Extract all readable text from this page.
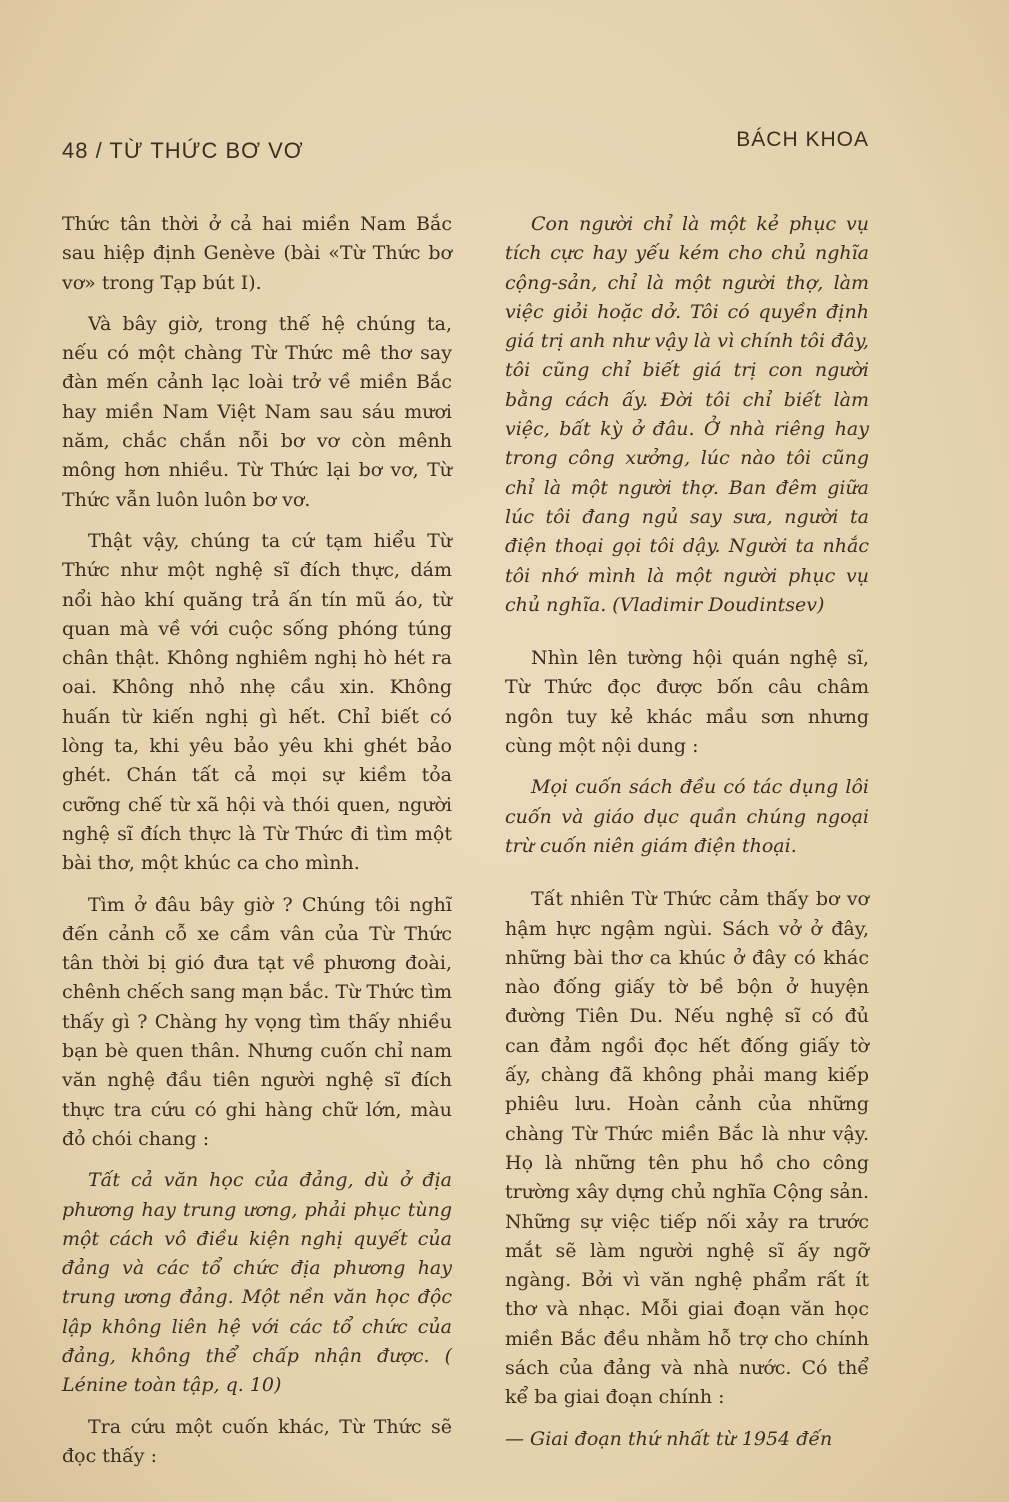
48 / TỪ THỨC BƠ VƠ	BÁCH KHOA

Thức tân thời ở cả hai miền Nam Bắc sau hiệp định Genève (bài «Từ Thức bơ vơ» trong Tạp bút I).

Và bây giờ, trong thế hệ chúng ta, nếu có một chàng Từ Thức mê thơ say đàn mến cảnh lạc loài trở về miền Bắc hay miền Nam Việt Nam sau sáu mươi năm, chắc chắn nỗi bơ vơ còn mênh mông hơn nhiều. Từ Thức lại bơ vơ, Từ Thức vẫn luôn luôn bơ vơ.

Thật vậy, chúng ta cứ tạm hiểu Từ Thức như một nghệ sĩ đích thực, dám nổi hào khí quăng trả ấn tín mũ áo, từ quan mà về với cuộc sống phóng túng chân thật. Không nghiêm nghị hò hét ra oai. Không nhỏ nhẹ cầu xin. Không huấn từ kiến nghị gì hết. Chỉ biết có lòng ta, khi yêu bảo yêu khi ghét bảo ghét. Chán tất cả mọi sự kiềm tỏa cưỡng chế từ xã hội và thói quen, người nghệ sĩ đích thực là Từ Thức đi tìm một bài thơ, một khúc ca cho mình.

Tìm ở đâu bây giờ ? Chúng tôi nghĩ đến cảnh cỗ xe cầm vân của Từ Thức tân thời bị gió đưa tạt về phương đoài, chênh chếch sang mạn bắc. Từ Thức tìm thấy gì ? Chàng hy vọng tìm thấy nhiều bạn bè quen thân. Nhưng cuốn chỉ nam văn nghệ đầu tiên người nghệ sĩ đích thực tra cứu có ghi hàng chữ lớn, màu đỏ chói chang :

Tất cả văn học của đảng, dù ở địa phương hay trung ương, phải phục tùng một cách vô điều kiện nghị quyết của đảng và các tổ chức địa phương hay trung ương đảng. Một nền văn học độc lập không liên hệ với các tổ chức của đảng, không thể chấp nhận được. ( Lénine toàn tập, q. 10)

Tra cứu một cuốn khác, Từ Thức sẽ đọc thấy :

Con người chỉ là một kẻ phục vụ tích cực hay yếu kém cho chủ nghĩa cộng-sản, chỉ là một người thợ, làm việc giỏi hoặc dở. Tôi có quyền định giá trị anh như vậy là vì chính tôi đây, tôi cũng chỉ biết giá trị con người bằng cách ấy. Đời tôi chỉ biết làm việc, bất kỳ ở đâu. Ở nhà riêng hay trong công xưởng, lúc nào tôi cũng chỉ là một người thợ. Ban đêm giữa lúc tôi đang ngủ say sưa, người ta điện thoại gọi tôi dậy. Người ta nhắc tôi nhớ mình là một người phục vụ chủ nghĩa. (Vladimir Doudintsev)

Nhìn lên tường hội quán nghệ sĩ, Từ Thức đọc được bốn câu châm ngôn tuy kẻ khác mầu sơn nhưng cùng một nội dung :

Mọi cuốn sách đều có tác dụng lôi cuốn và giáo dục quần chúng ngoại trừ cuốn niên giám điện thoại.

Tất nhiên Từ Thức cảm thấy bơ vơ hậm hực ngậm ngùi. Sách vở ở đây, những bài thơ ca khúc ở đây có khác nào đống giấy tờ bề bộn ở huyện đường Tiên Du. Nếu nghệ sĩ có đủ can đảm ngồi đọc hết đống giấy tờ ấy, chàng đã không phải mang kiếp phiêu lưu. Hoàn cảnh của những chàng Từ Thức miền Bắc là như vậy. Họ là những tên phu hồ cho công trường xây dựng chủ nghĩa Cộng sản. Những sự việc tiếp nối xảy ra trước mắt sẽ làm người nghệ sĩ ấy ngỡ ngàng. Bởi vì văn nghệ phẩm rất ít thơ và nhạc. Mỗi giai đoạn văn học miền Bắc đều nhằm hỗ trợ cho chính sách của đảng và nhà nước. Có thể kể ba giai đoạn chính :

— Giai đoạn thứ nhất từ 1954 đến
